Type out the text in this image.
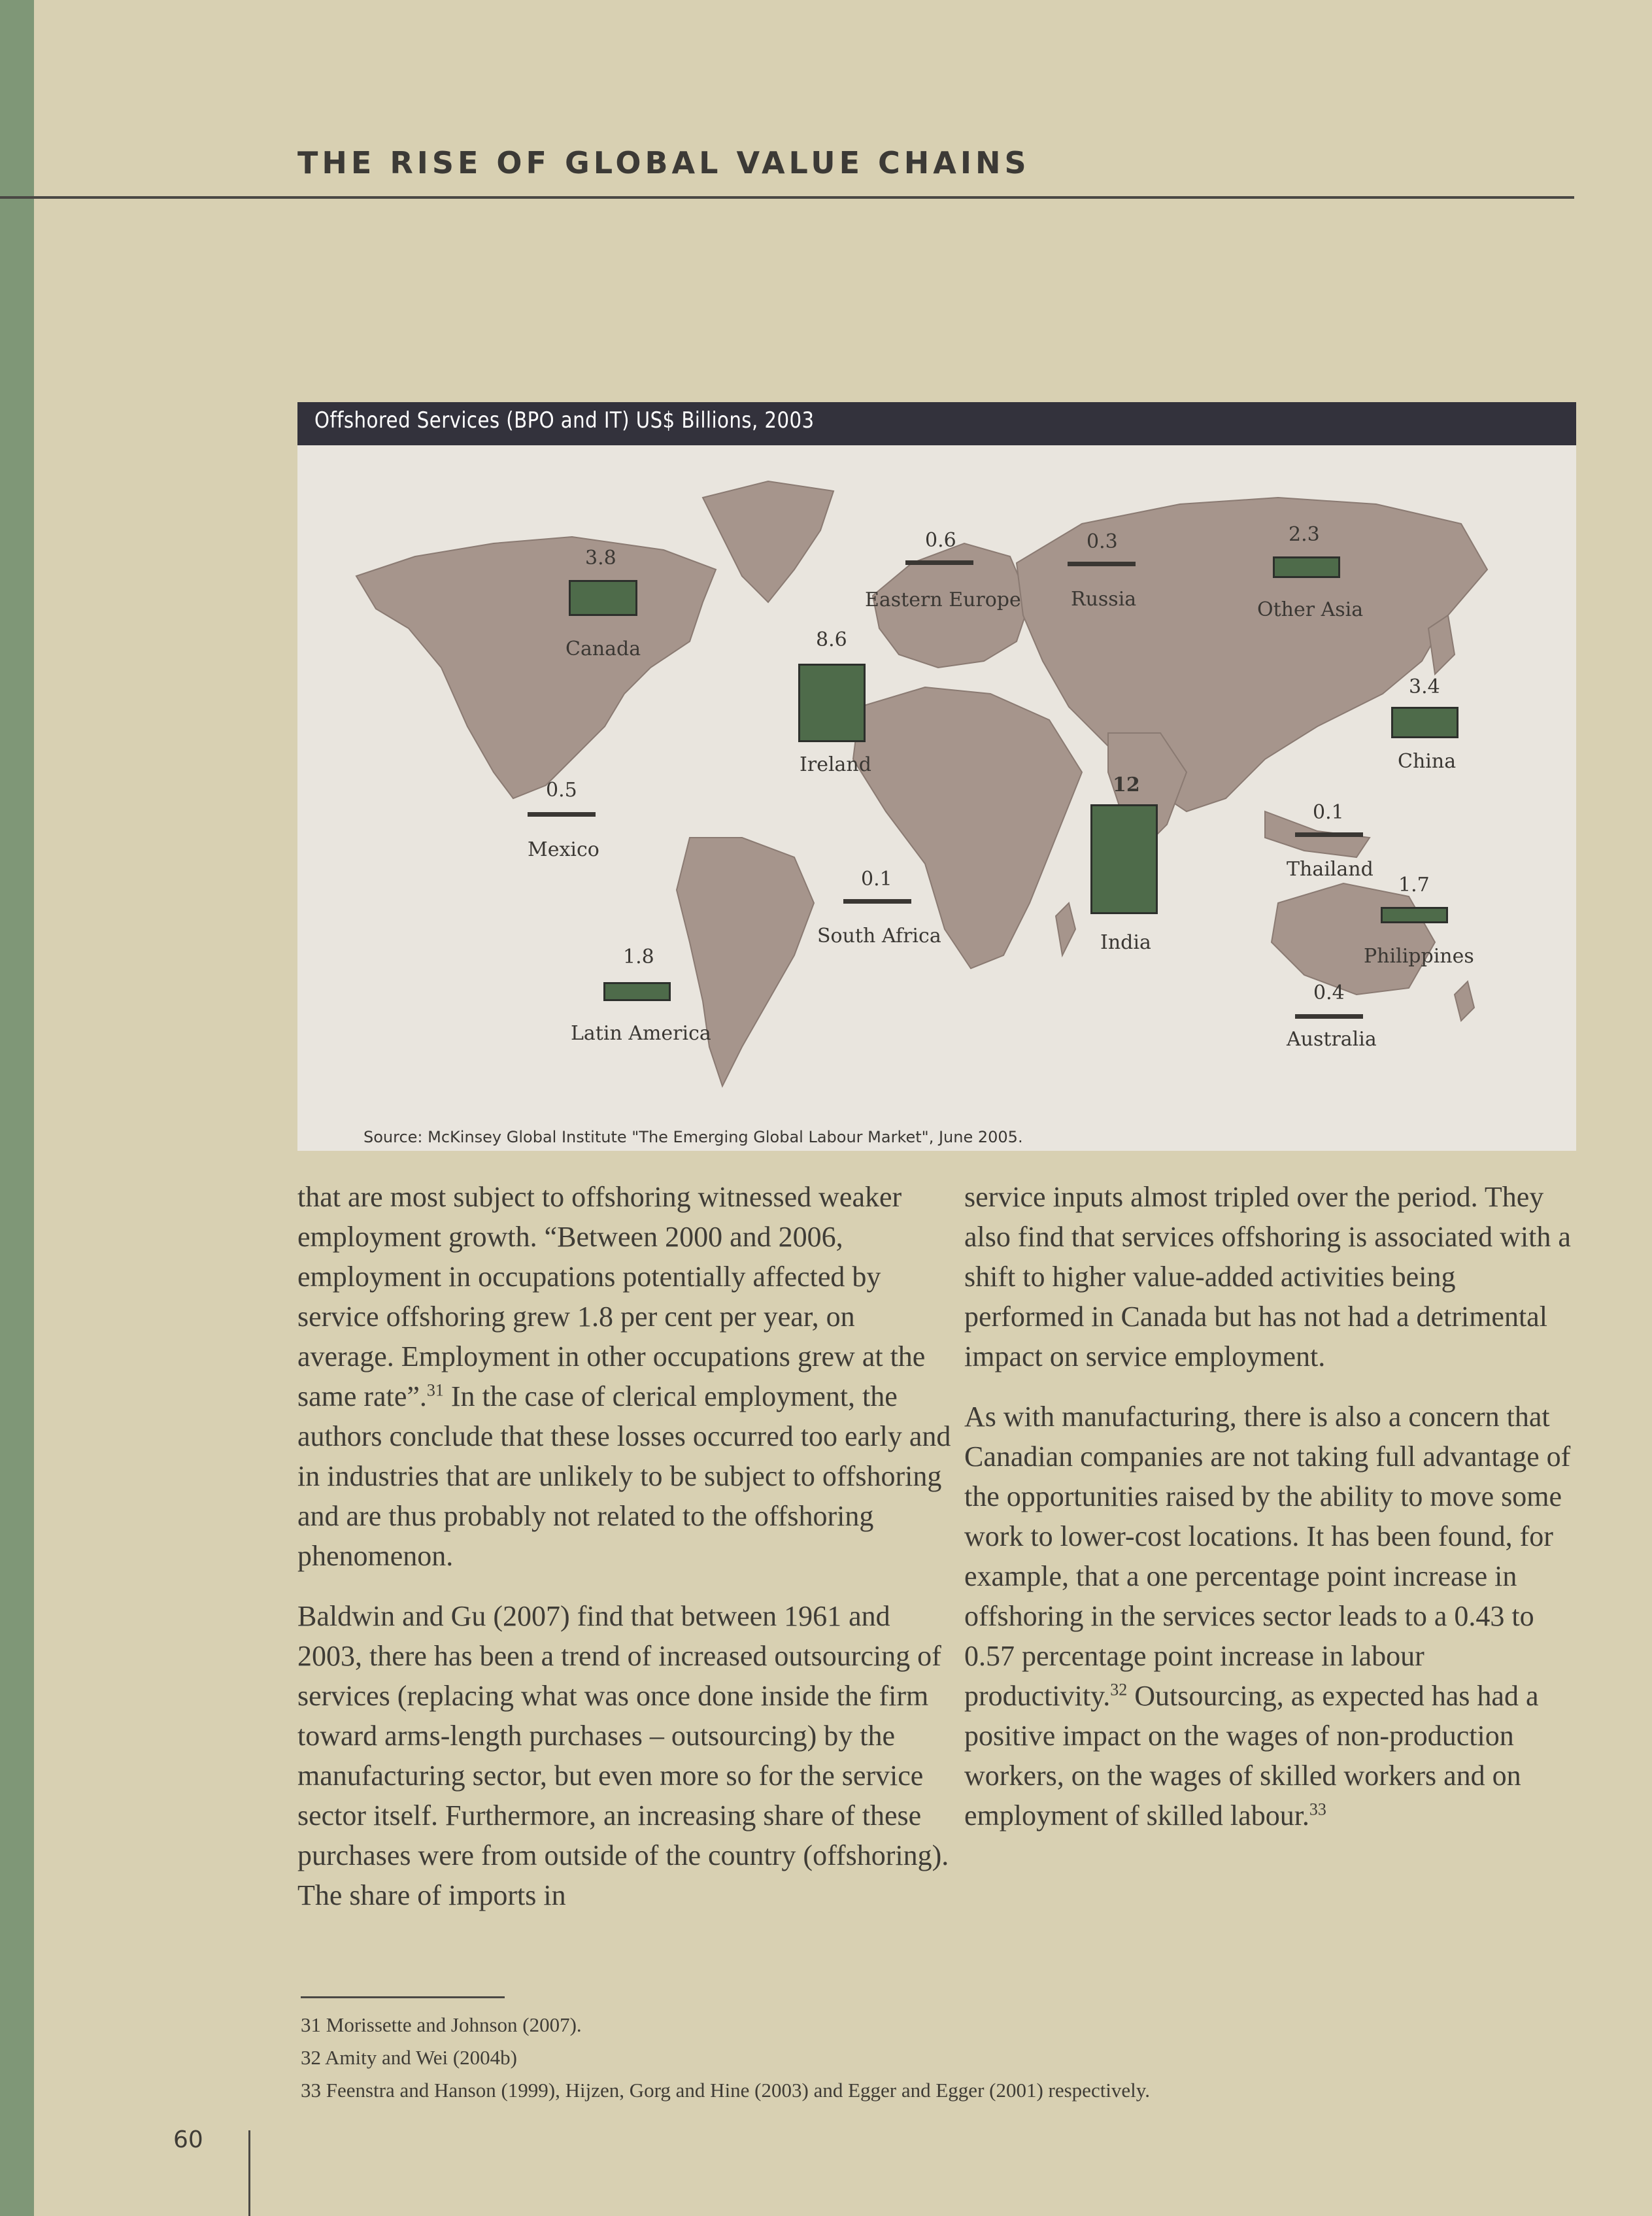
THE RISE OF GLOBAL VALUE CHAINS
Offshored Services (BPO and IT) US$ Billions, 2003
3.8
Canada
0.5
Mexico
1.8
Latin America
8.6
Ireland
0.6
Eastern Europe
0.1
South Africa
0.3
Russia
12
India
2.3
Other Asia
3.4
China
0.1
Thailand
1.7
Philippines
0.4
Australia
Source: McKinsey Global Institute "The Emerging Global Labour Market", June 2005.

that are most subject to offshoring witnessed weaker employment growth. “Between 2000 and 2006, employment in occupations potentially affected by service offshoring grew 1.8 per cent per year, on average. Employment in other occupations grew at the same rate”.$^{31}$ In the case of clerical employment, the authors conclude that these losses occurred too early and in industries that are unlikely to be subject to offshoring and are thus probably not related to the offshoring phenomenon.

Baldwin and Gu (2007) find that between 1961 and 2003, there has been a trend of increased outsourcing of services (replacing what was once done inside the firm toward arms-length purchases – outsourcing) by the manufacturing sector, but even more so for the service sector itself. Furthermore, an increasing share of these purchases were from outside of the country (offshoring). The share of imports in

service inputs almost tripled over the period. They also find that services offshoring is associated with a shift to higher value-added activities being performed in Canada but has not had a detrimental impact on service employment.

As with manufacturing, there is also a concern that Canadian companies are not taking full advantage of the opportunities raised by the ability to move some work to lower-cost locations. It has been found, for example, that a one percentage point increase in offshoring in the services sector leads to a 0.43 to 0.57 percentage point increase in labour productivity.$^{32}$ Outsourcing, as expected has had a positive impact on the wages of non-production workers, on the wages of skilled workers and on employment of skilled labour.$^{33}$

31 Morissette and Johnson (2007).
32 Amity and Wei (2004b)
33 Feenstra and Hanson (1999), Hijzen, Gorg and Hine (2003) and Egger and Egger (2001) respectively.
60
